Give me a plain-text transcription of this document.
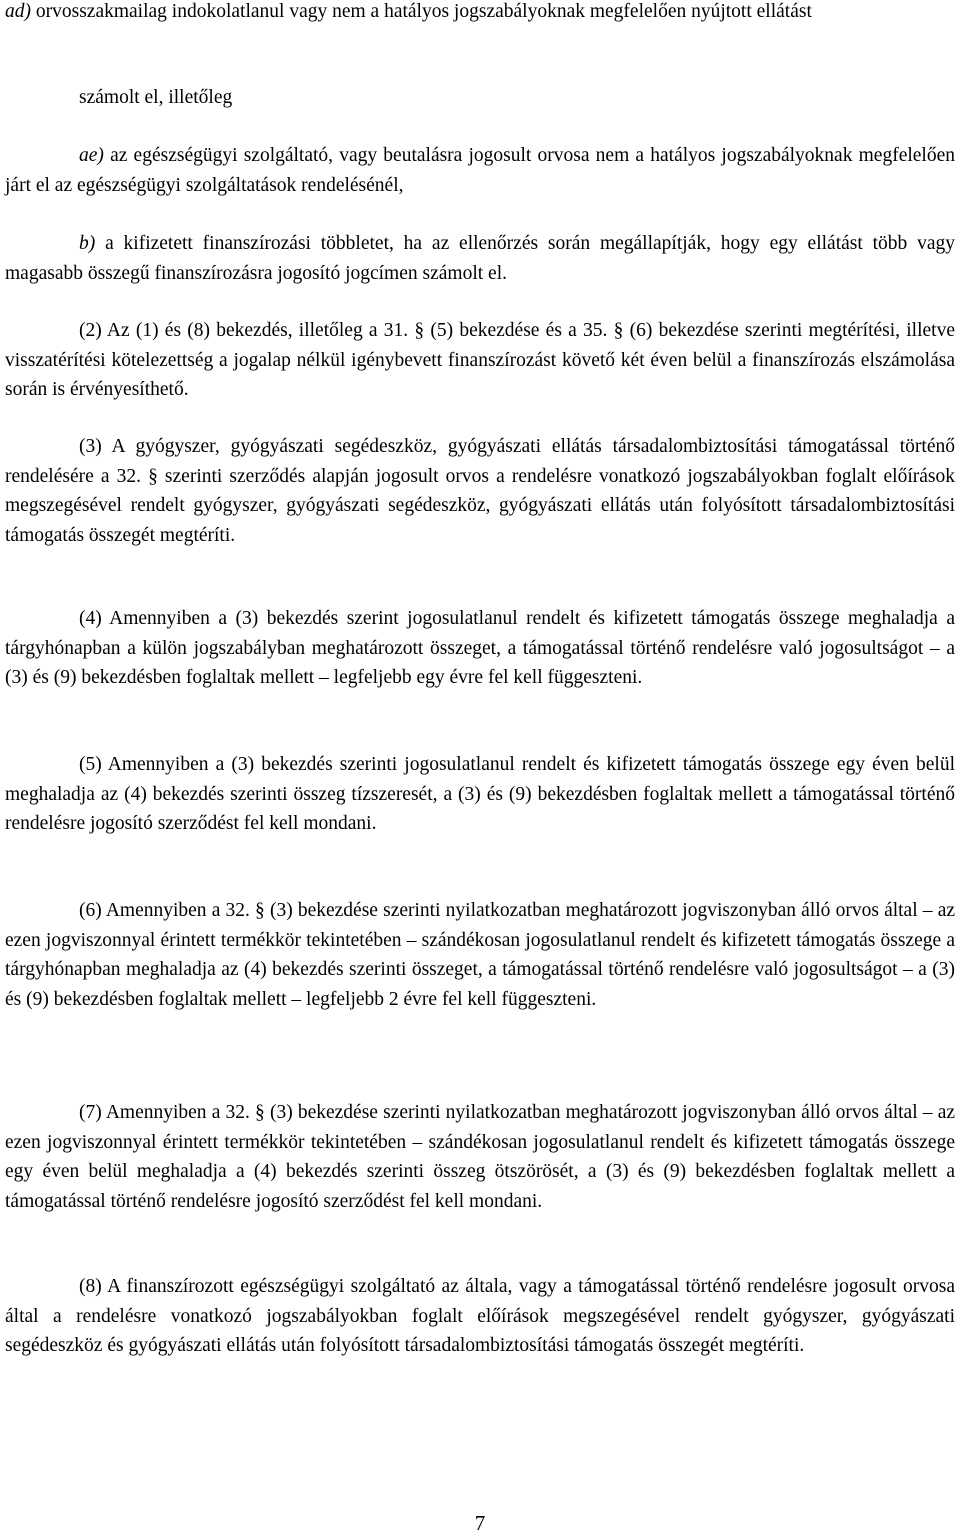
ad) orvosszakmailag indokolatlanul vagy nem a hatályos jogszabályoknak megfelelően nyújtott ellátást

számolt el, illetőleg

ae) az egészségügyi szolgáltató, vagy beutalásra jogosult orvosa nem a hatályos jogszabályoknak megfelelően járt el az egészségügyi szolgáltatások rendelésénél,

b) a kifizetett finanszírozási többletet, ha az ellenőrzés során megállapítják, hogy egy ellátást több vagy magasabb összegű finanszírozásra jogosító jogcímen számolt el.

(2) Az (1) és (8) bekezdés, illetőleg a 31. § (5) bekezdése és a 35. § (6) bekezdése szerinti megtérítési, illetve visszatérítési kötelezettség a jogalap nélkül igénybevett finanszírozást követő két éven belül a finanszírozás elszámolása során is érvényesíthető.

(3) A gyógyszer, gyógyászati segédeszköz, gyógyászati ellátás társadalombiztosítási támogatással történő rendelésére a 32. § szerinti szerződés alapján jogosult orvos a rendelésre vonatkozó jogszabályokban foglalt előírások megszegésével rendelt gyógyszer, gyógyászati segédeszköz, gyógyászati ellátás után folyósított társadalombiztosítási támogatás összegét megtéríti.

(4) Amennyiben a (3) bekezdés szerint jogosulatlanul rendelt és kifizetett támogatás összege meghaladja a tárgyhónapban a külön jogszabályban meghatározott összeget, a támogatással történő rendelésre való jogosultságot – a (3) és (9) bekezdésben foglaltak mellett – legfeljebb egy évre fel kell függeszteni.

(5) Amennyiben a (3) bekezdés szerinti jogosulatlanul rendelt és kifizetett támogatás összege egy éven belül meghaladja az (4) bekezdés szerinti összeg tízszeresét, a (3) és (9) bekezdésben foglaltak mellett a támogatással történő rendelésre jogosító szerződést fel kell mondani.

(6) Amennyiben a 32. § (3) bekezdése szerinti nyilatkozatban meghatározott jogviszonyban álló orvos által – az ezen jogviszonnyal érintett termékkör tekintetében – szándékosan jogosulatlanul rendelt és kifizetett támogatás összege a tárgyhónapban meghaladja az (4) bekezdés szerinti összeget, a támogatással történő rendelésre való jogosultságot – a (3) és (9) bekezdésben foglaltak mellett – legfeljebb 2 évre fel kell függeszteni.

(7) Amennyiben a 32. § (3) bekezdése szerinti nyilatkozatban meghatározott jogviszonyban álló orvos által – az ezen jogviszonnyal érintett termékkör tekintetében – szándékosan jogosulatlanul rendelt és kifizetett támogatás összege egy éven belül meghaladja a (4) bekezdés szerinti összeg ötszörösét, a (3) és (9) bekezdésben foglaltak mellett a támogatással történő rendelésre jogosító szerződést fel kell mondani.

(8) A finanszírozott egészségügyi szolgáltató az általa, vagy a támogatással történő rendelésre jogosult orvosa által a rendelésre vonatkozó jogszabályokban foglalt előírások megszegésével rendelt gyógyszer, gyógyászati segédeszköz és gyógyászati ellátás után folyósított társadalombiztosítási támogatás összegét megtéríti.

7
